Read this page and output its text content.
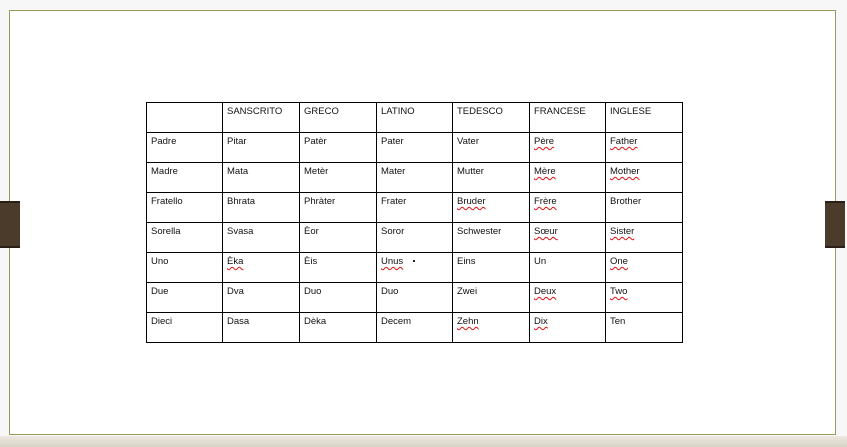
	SANSCRITO	GRECO	LATINO	TEDESCO	FRANCESE	INGLESE
Padre	Pitar	Patèr	Pater	Vater	Père	Father
Madre	Mata	Metèr	Mater	Mutter	Mère	Mother
Fratello	Bhrata	Phràter	Frater	Bruder	Frère	Brother
Sorella	Svasa	Èor	Soror	Schwester	Sœur	Sister
Uno	Èka	Èis	Unus	Eins	Un	One
Due	Dva	Duo	Duo	Zwei	Deux	Two
Dieci	Dasa	Dèka	Decem	Zehn	Dix	Ten
